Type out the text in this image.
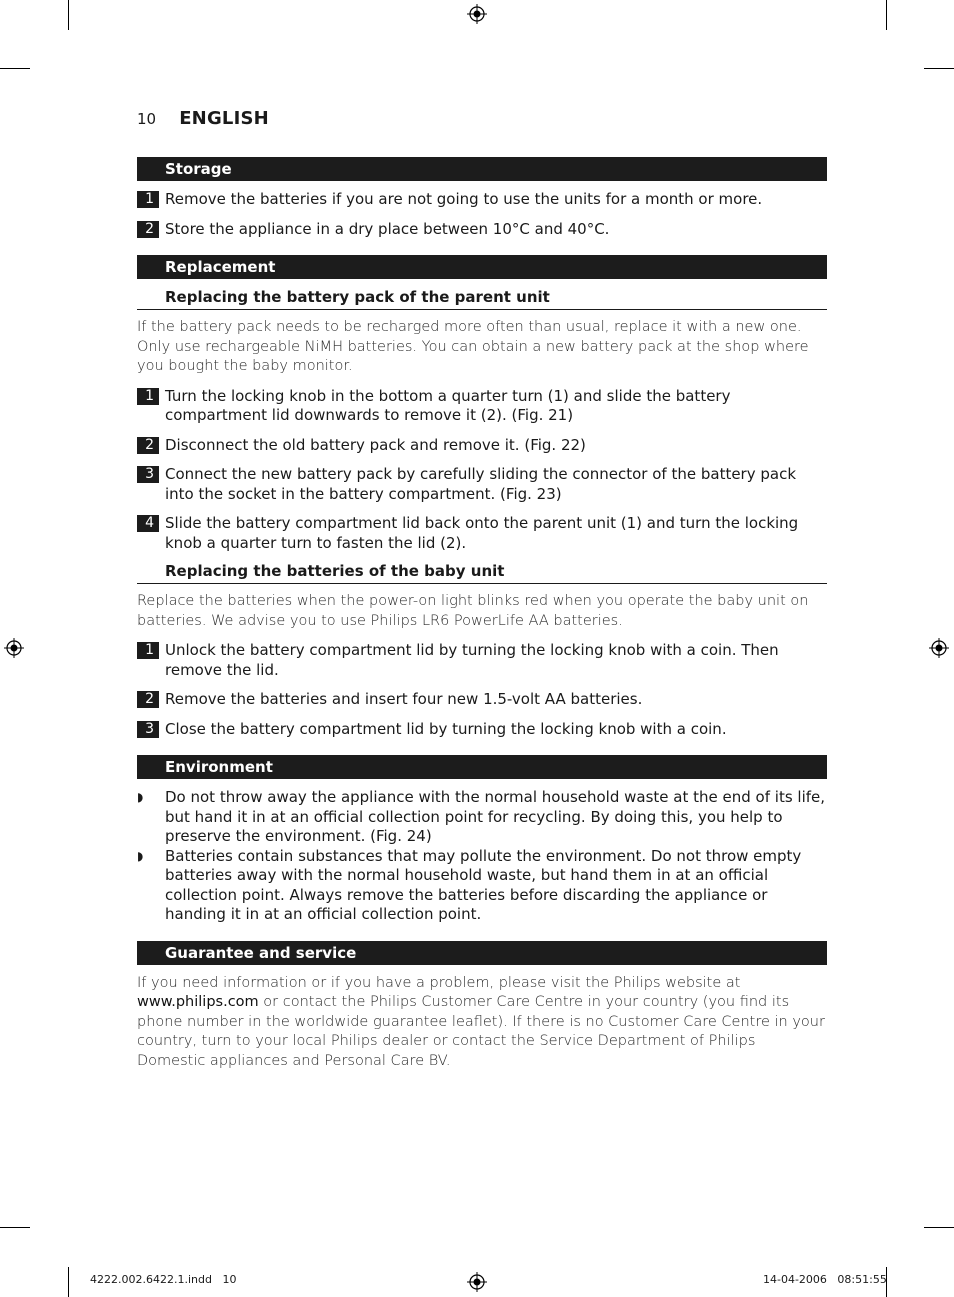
10 ENGLISH
Storage
1 Remove the batteries if you are not going to use the units for a month or more.
2 Store the appliance in a dry place between 10°C and 40°C.
Replacement
Replacing the battery pack of the parent unit
If the battery pack needs to be recharged more often than usual, replace it with a new one. Only use rechargeable NiMH batteries. You can obtain a new battery pack at the shop where you bought the baby monitor.
1 Turn the locking knob in the bottom a quarter turn (1) and slide the battery compartment lid downwards to remove it (2). (Fig. 21)
2 Disconnect the old battery pack and remove it. (Fig. 22)
3 Connect the new battery pack by carefully sliding the connector of the battery pack into the socket in the battery compartment. (Fig. 23)
4 Slide the battery compartment lid back onto the parent unit (1) and turn the locking knob a quarter turn to fasten the lid (2).
Replacing the batteries of the baby unit
Replace the batteries when the power-on light blinks red when you operate the baby unit on batteries. We advise you to use Philips LR6 PowerLife AA batteries.
1 Unlock the battery compartment lid by turning the locking knob with a coin. Then remove the lid.
2 Remove the batteries and insert four new 1.5-volt AA batteries.
3 Close the battery compartment lid by turning the locking knob with a coin.
Environment
◗	Do not throw away the appliance with the normal household waste at the end of its life, but hand it in at an official collection point for recycling. By doing this, you help to preserve the environment. (Fig. 24)
◗	Batteries contain substances that may pollute the environment. Do not throw empty batteries away with the normal household waste, but hand them in at an official collection point. Always remove the batteries before discarding the appliance or handing it in at an official collection point.
Guarantee and service
If you need information or if you have a problem, please visit the Philips website at www.philips.com or contact the Philips Customer Care Centre in your country (you find its phone number in the worldwide guarantee leaflet). If there is no Customer Care Centre in your country, turn to your local Philips dealer or contact the Service Department of Philips Domestic appliances and Personal Care BV.
4222.002.6422.1.indd   10	14-04-2006   08:51:55
